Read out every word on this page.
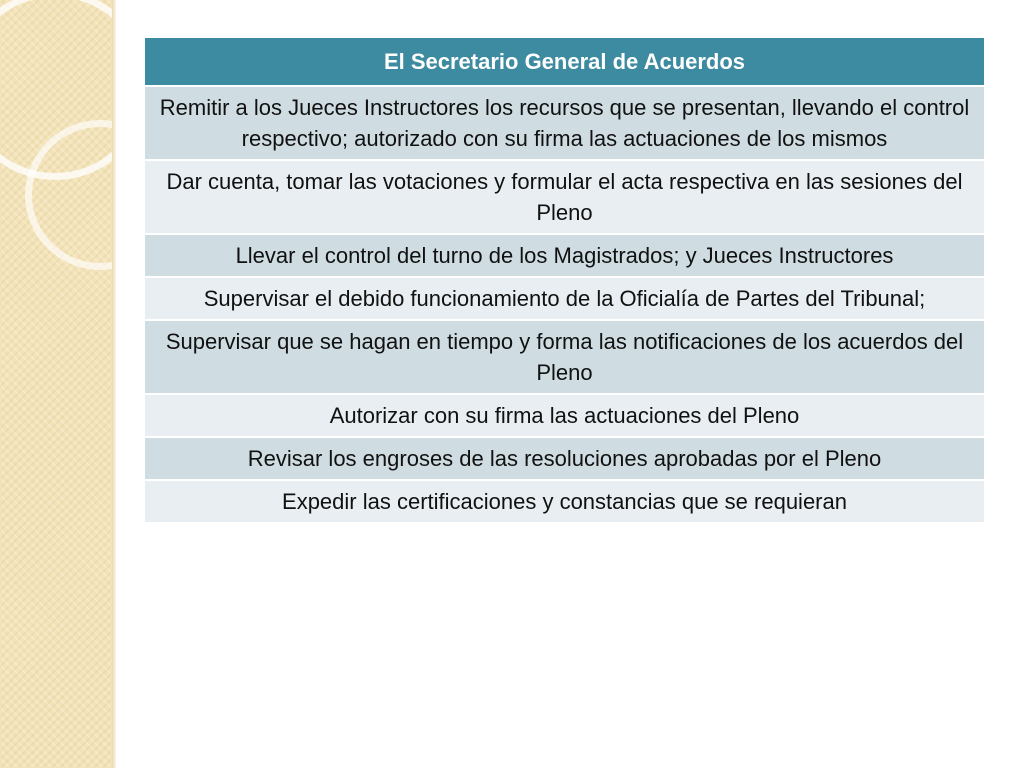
El Secretario General de Acuerdos
Remitir a los Jueces Instructores los recursos que se presentan, llevando el control respectivo; autorizado con su firma las actuaciones de los mismos
Dar cuenta, tomar las votaciones y formular el acta respectiva en las sesiones del Pleno
Llevar el control del turno de los Magistrados; y Jueces Instructores
Supervisar el debido funcionamiento de la Oficialía de Partes del Tribunal;
Supervisar que se hagan en tiempo y forma las notificaciones de los acuerdos del Pleno
Autorizar con su firma las actuaciones del Pleno
Revisar los engroses de las resoluciones aprobadas por el Pleno
Expedir las certificaciones y constancias que se requieran
